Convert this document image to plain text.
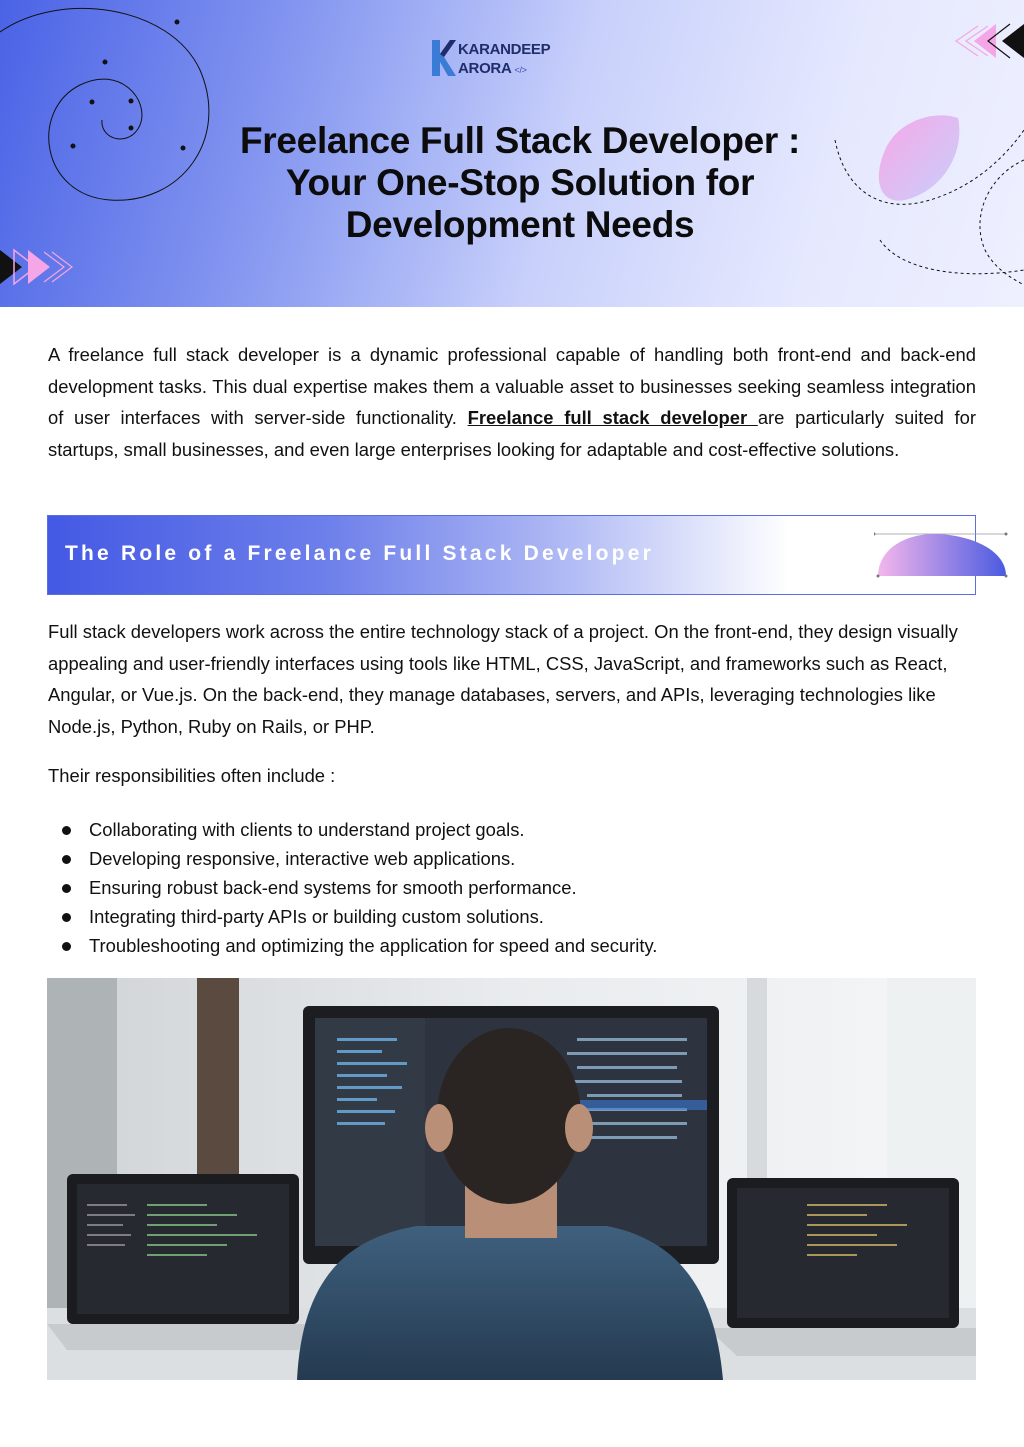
KARANDEEP
ARORA </>
Freelance Full Stack Developer :
Your One-Stop Solution for
Development Needs

A freelance full stack developer is a dynamic professional capable of handling both front-end and back-end development tasks. This dual expertise makes them a valuable asset to businesses seeking seamless integration of user interfaces with server-side functionality. Freelance full stack developer are particularly suited for startups, small businesses, and even large enterprises looking for adaptable and cost-effective solutions.

The Role of a Freelance Full Stack Developer

Full stack developers work across the entire technology stack of a project. On the front-end, they design visually appealing and user-friendly interfaces using tools like HTML, CSS, JavaScript, and frameworks such as React, Angular, or Vue.js. On the back-end, they manage databases, servers, and APIs, leveraging technologies like Node.js, Python, Ruby on Rails, or PHP.

Their responsibilities often include :

Collaborating with clients to understand project goals.
Developing responsive, interactive web applications.
Ensuring robust back-end systems for smooth performance.
Integrating third-party APIs or building custom solutions.
Troubleshooting and optimizing the application for speed and security.
